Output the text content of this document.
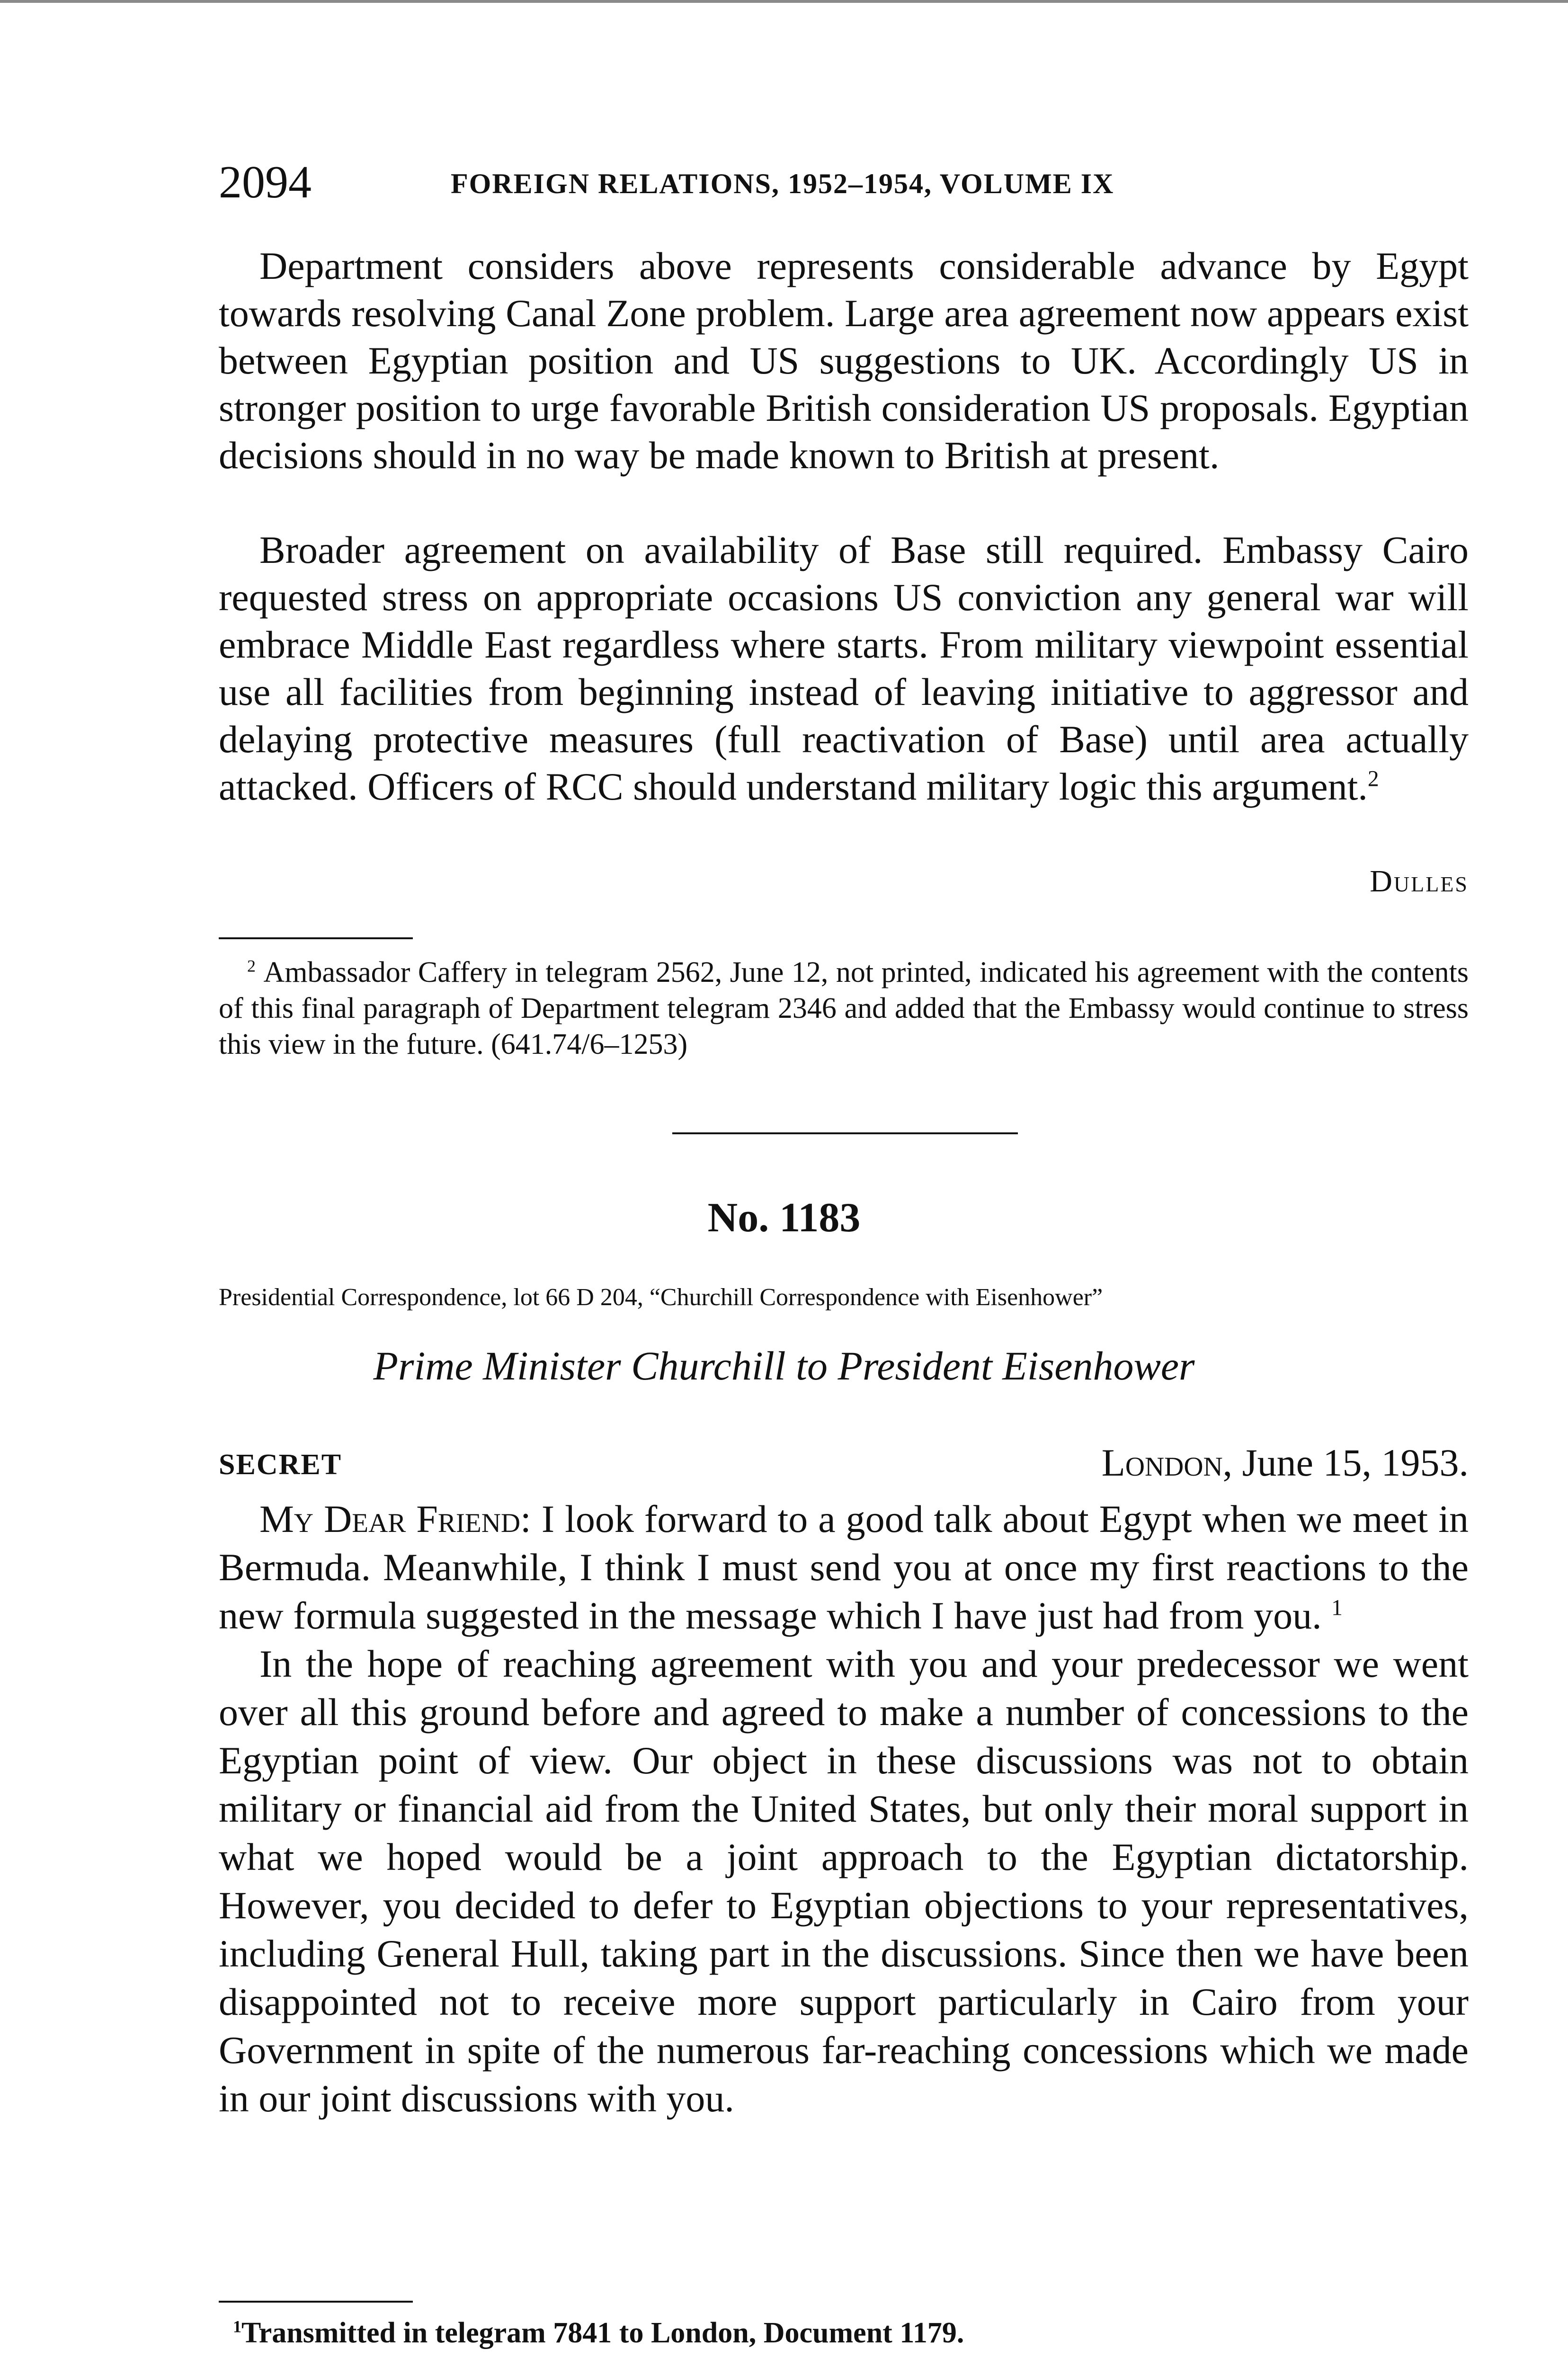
2094	FOREIGN RELATIONS, 1952–1954, VOLUME IX

Department considers above represents considerable advance by Egypt towards resolving Canal Zone problem. Large area agreement now appears exist between Egyptian position and US suggestions to UK. Accordingly US in stronger position to urge favorable British consideration US proposals. Egyptian decisions should in no way be made known to British at present.

Broader agreement on availability of Base still required. Embassy Cairo requested stress on appropriate occasions US conviction any general war will embrace Middle East regardless where starts. From military viewpoint essential use all facilities from beginning instead of leaving initiative to aggressor and delaying protective measures (full reactivation of Base) until area actually attacked. Officers of RCC should understand military logic this argument.$^2$

Dulles
$^2$ Ambassador Caffery in telegram 2562, June 12, not printed, indicated his agreement with the contents of this final paragraph of Department telegram 2346 and added that the Embassy would continue to stress this view in the future. (641.74/6–1253)
No. 1183
Presidential Correspondence, lot 66 D 204, “Churchill Correspondence with Eisenhower”
Prime Minister Churchill to President Eisenhower
SECRET	London, June 15, 1953.

My Dear Friend: I look forward to a good talk about Egypt when we meet in Bermuda. Meanwhile, I think I must send you at once my first reactions to the new formula suggested in the message which I have just had from you. $^1$

In the hope of reaching agreement with you and your predecessor we went over all this ground before and agreed to make a number of concessions to the Egyptian point of view. Our object in these discussions was not to obtain military or financial aid from the United States, but only their moral support in what we hoped would be a joint approach to the Egyptian dictatorship. However, you decided to defer to Egyptian objections to your representatives, including General Hull, taking part in the discussions. Since then we have been disappointed not to receive more support particularly in Cairo from your Government in spite of the numerous far-reaching concessions which we made in our joint discussions with you.

$^1$Transmitted in telegram 7841 to London, Document 1179.
